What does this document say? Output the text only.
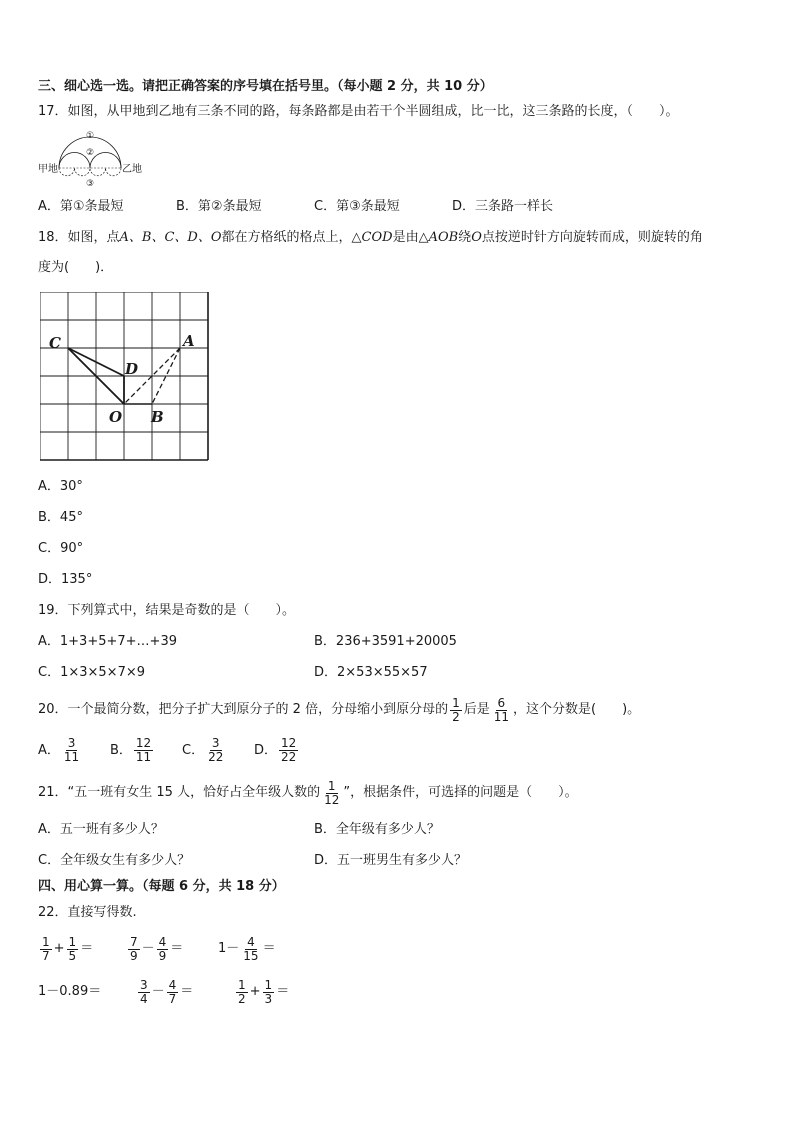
三、细心选一选。请把正确答案的序号填在括号里。（每小题 2 分，共 10 分）
17．如图，从甲地到乙地有三条不同的路，每条路都是由若干个半圆组成，比一比，这三条路的长度，（　　）。
甲地	乙地
①
②
③
A．第①条最短	B．第②条最短	C．第③条最短	D．三条路一样长
18．如图，点A、B、C、D、O都在方格纸的格点上，△COD是由△AOB绕O点按逆时针方向旋转而成，则旋转的角
度为(　　)．
C	A
D
O B
A．30°
B．45°
C．90°
D．135°
19．下列算式中，结果是奇数的是（　　）。
A．1+3+5+7+…+39	B．236+3591+20005
C．1×3×5×7×9	D．2×53×55×57
20．一个最简分数，把分子扩大到原分子的 2 倍，分母缩小到原分母的 $\frac{1}{2}$ 后是 $\frac{6}{11}$ ，这个分数是(　　)。
A． $\frac{3}{11}$ B． $\frac{12}{11}$ C． $\frac{3}{22}$ D． $\frac{12}{22}$
21．“五一班有女生 15 人，恰好占全年级人数的 $\frac{1}{12}$ ”，根据条件，可选择的问题是（　　）。
A．五一班有多少人？	B．全年级有多少人？
C．全年级女生有多少人？	D．五一班男生有多少人？
四、用心算一算。（每题 6 分，共 18 分）
22．直接写得数.
$\frac{1}{7} + \frac{1}{5}$ ＝	$\frac{7}{9} - \frac{4}{9}$ ＝	$1- \frac{4}{15}$ ＝
1－0.89＝	$\frac{3}{4} - \frac{4}{7}$ ＝	$\frac{1}{2} + \frac{1}{3}$ ＝
